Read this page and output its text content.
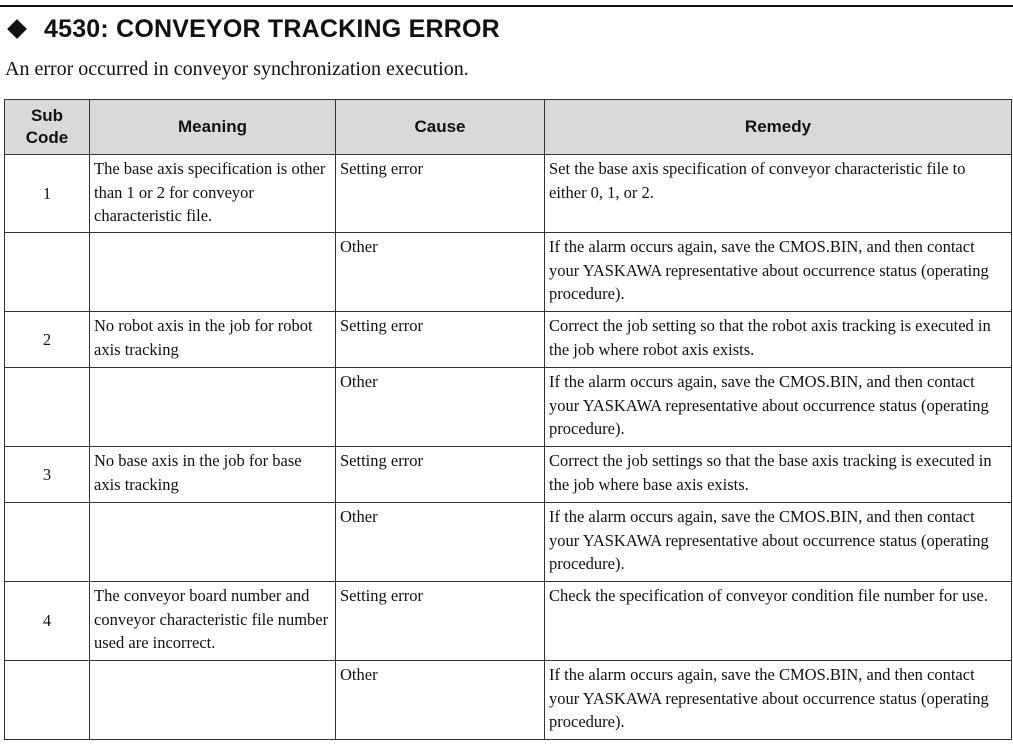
4530: CONVEYOR TRACKING ERROR
An error occurred in conveyor synchronization execution.
Sub
Code	Meaning	Cause	Remedy
1	The base axis specification is other than 1 or 2 for conveyor characteristic file.	Setting error	Set the base axis specification of conveyor characteristic file to either 0, 1, or 2.
		Other	If the alarm occurs again, save the CMOS.BIN, and then contact your YASKAWA representative about occurrence status (operating procedure).
2	No robot axis in the job for robot axis tracking	Setting error	Correct the job setting so that the robot axis tracking is executed in the job where robot axis exists.
		Other	If the alarm occurs again, save the CMOS.BIN, and then contact your YASKAWA representative about occurrence status (operating procedure).
3	No base axis in the job for base axis tracking	Setting error	Correct the job settings so that the base axis tracking is executed in the job where base axis exists.
		Other	If the alarm occurs again, save the CMOS.BIN, and then contact your YASKAWA representative about occurrence status (operating procedure).
4	The conveyor board number and conveyor characteristic file number used are incorrect.	Setting error	Check the specification of conveyor condition file number for use.
		Other	If the alarm occurs again, save the CMOS.BIN, and then contact your YASKAWA representative about occurrence status (operating procedure).
